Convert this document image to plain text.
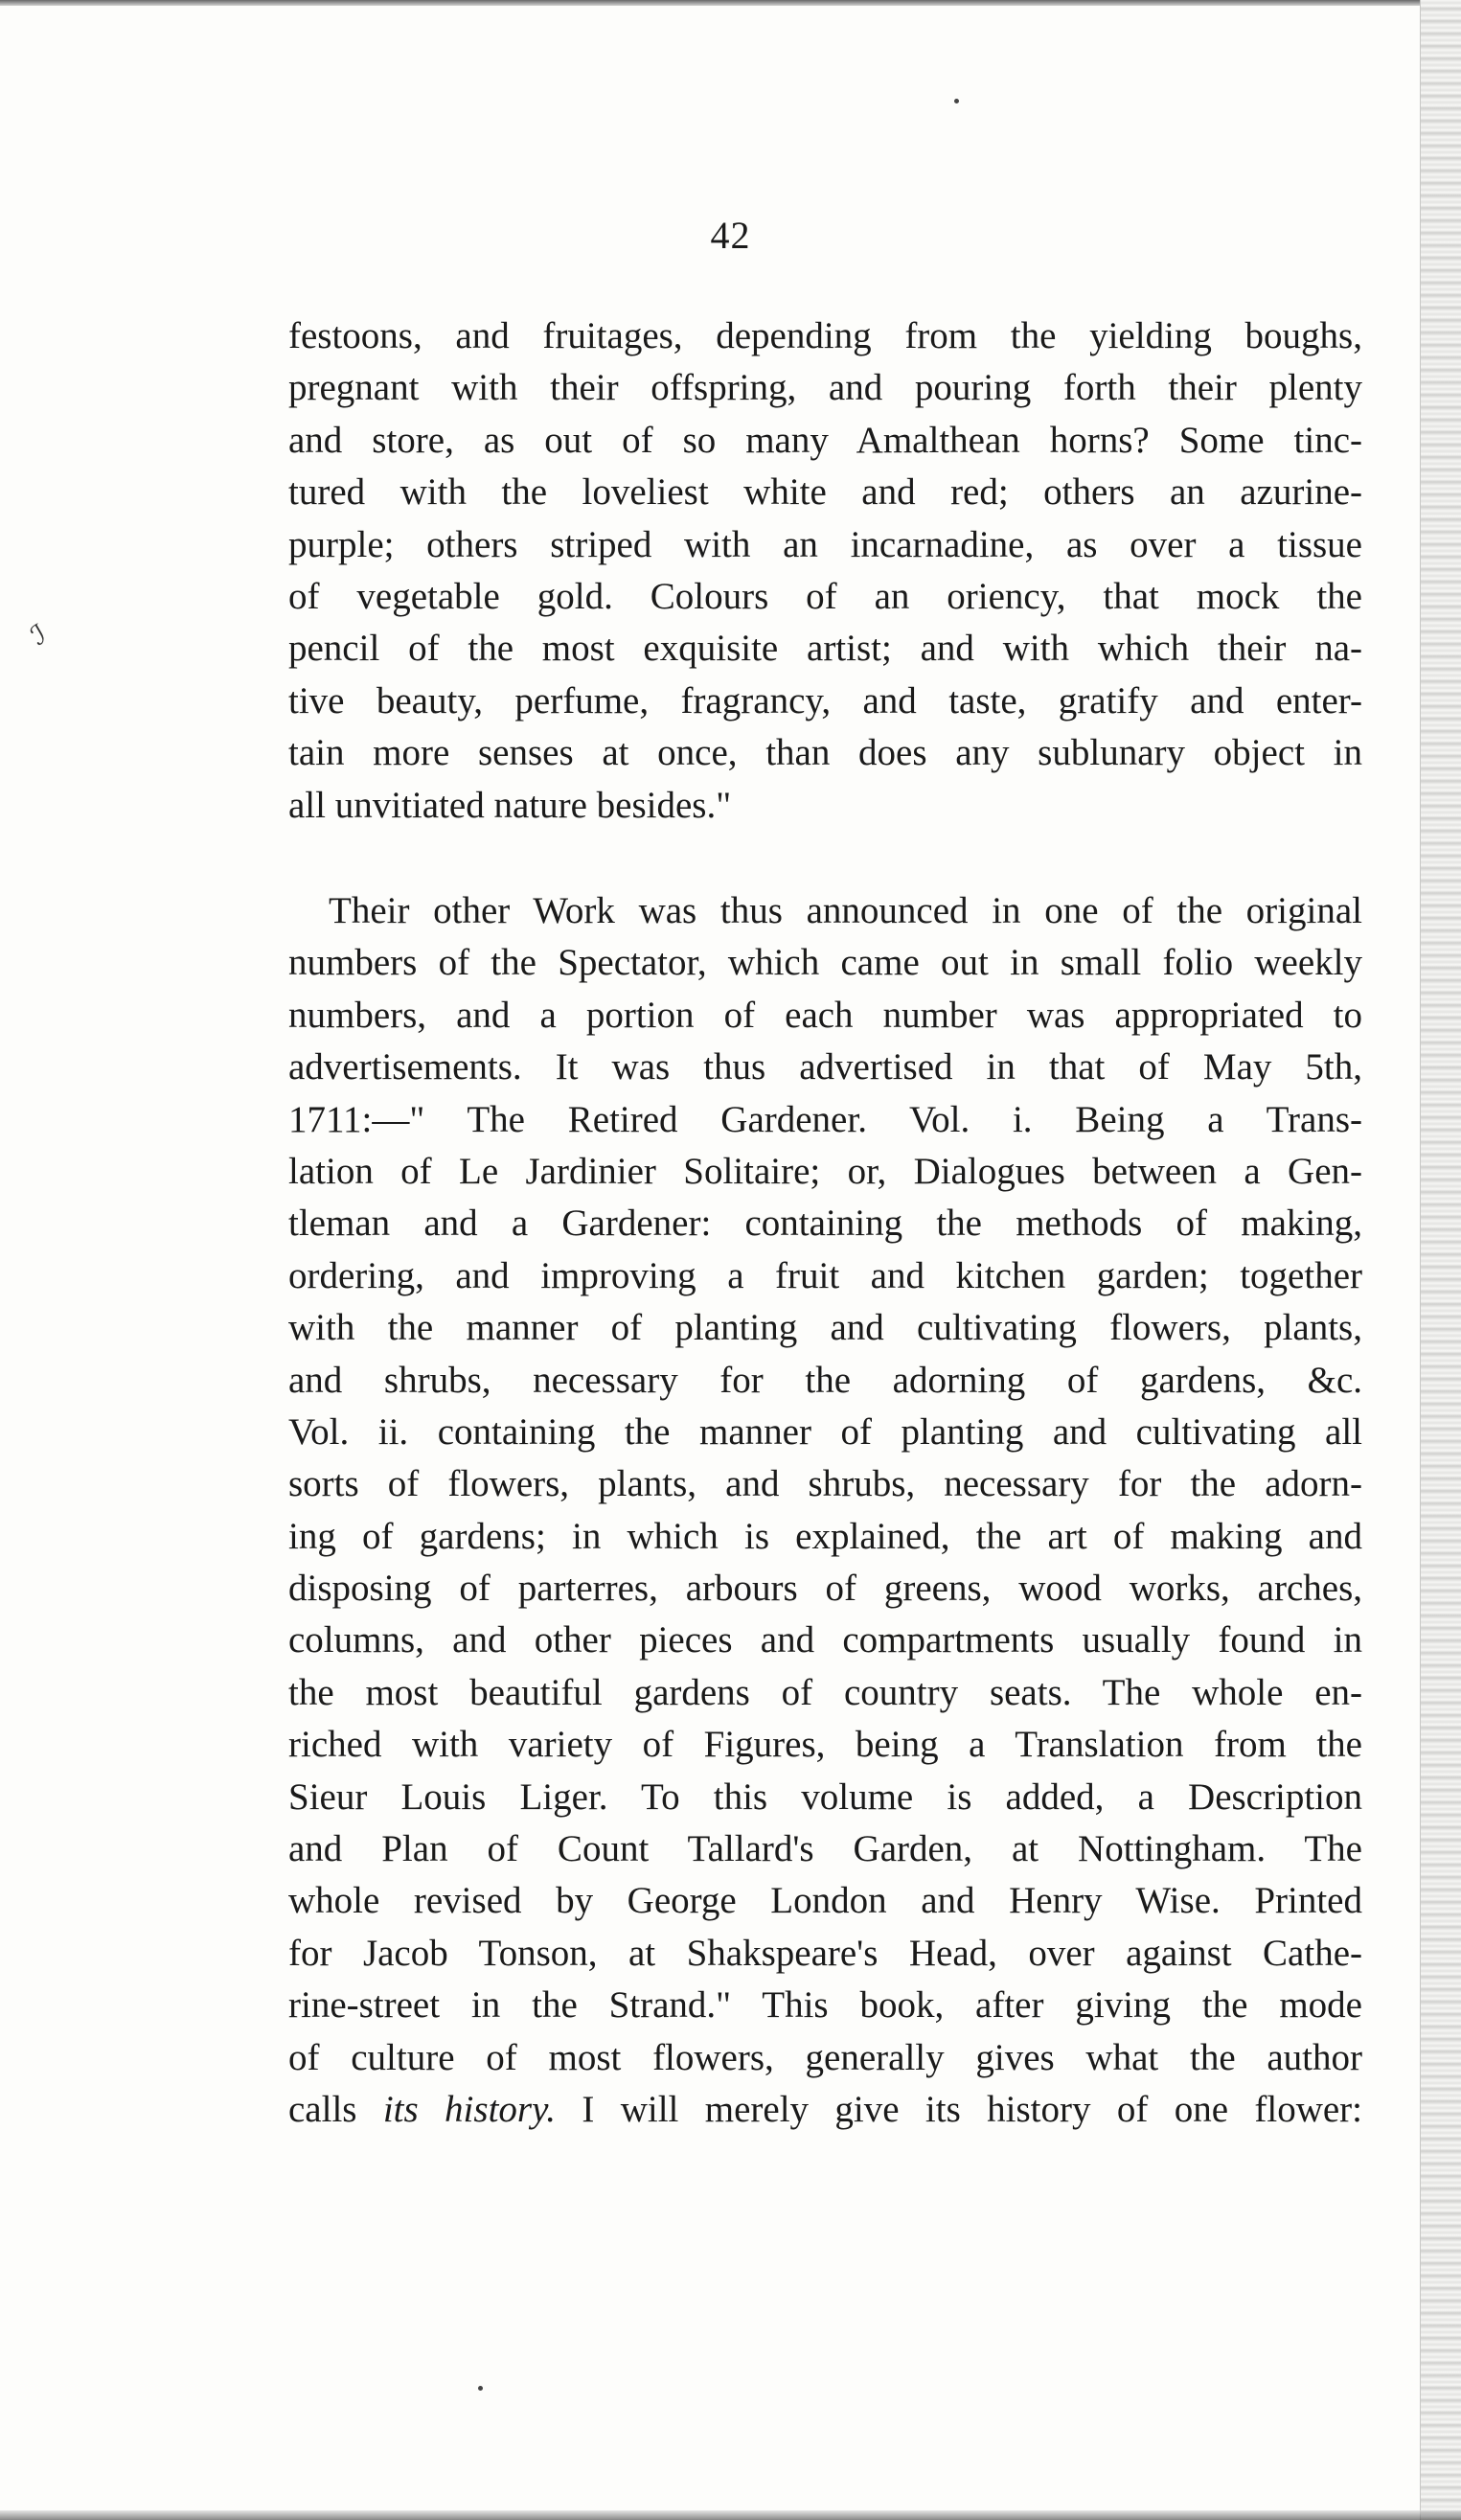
ℐ
42
festoons, and fruitages, depending from the yielding boughs,
pregnant with their offspring, and pouring forth their plenty
and store, as out of so many Amalthean horns? Some tinc-
tured with the loveliest white and red; others an azurine-
purple; others striped with an incarnadine, as over a tissue
of vegetable gold. Colours of an oriency, that mock the
pencil of the most exquisite artist; and with which their na-
tive beauty, perfume, fragrancy, and taste, gratify and enter-
tain more senses at once, than does any sublunary object in
all unvitiated nature besides."
Their other Work was thus announced in one of the original
numbers of the Spectator, which came out in small folio weekly
numbers, and a portion of each number was appropriated to
advertisements. It was thus advertised in that of May 5th,
1711:—" The Retired Gardener. Vol. i. Being a Trans-
lation of Le Jardinier Solitaire; or, Dialogues between a Gen-
tleman and a Gardener: containing the methods of making,
ordering, and improving a fruit and kitchen garden; together
with the manner of planting and cultivating flowers, plants,
and shrubs, necessary for the adorning of gardens, &c.
Vol. ii. containing the manner of planting and cultivating all
sorts of flowers, plants, and shrubs, necessary for the adorn-
ing of gardens; in which is explained, the art of making and
disposing of parterres, arbours of greens, wood works, arches,
columns, and other pieces and compartments usually found in
the most beautiful gardens of country seats. The whole en-
riched with variety of Figures, being a Translation from the
Sieur Louis Liger. To this volume is added, a Description
and Plan of Count Tallard's Garden, at Nottingham. The
whole revised by George London and Henry Wise. Printed
for Jacob Tonson, at Shakspeare's Head, over against Cathe-
rine-street in the Strand." This book, after giving the mode
of culture of most flowers, generally gives what the author
calls its history. I will merely give its history of one flower:
